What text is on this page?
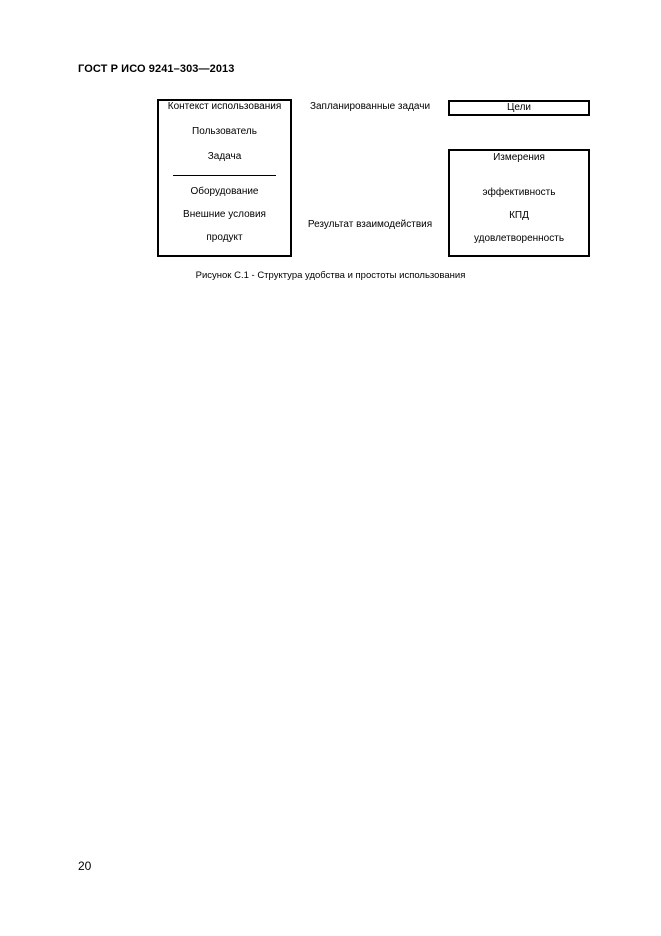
ГОСТ Р ИСО 9241–303—2013
Контекст использования
Пользователь
Задача
Оборудование
Внешние условия
продукт
Запланированные задачи
Результат взаимодействия
Цели
Измерения
эффективность
КПД
удовлетворенность
Рисунок С.1 - Структура удобства и простоты использования
20
